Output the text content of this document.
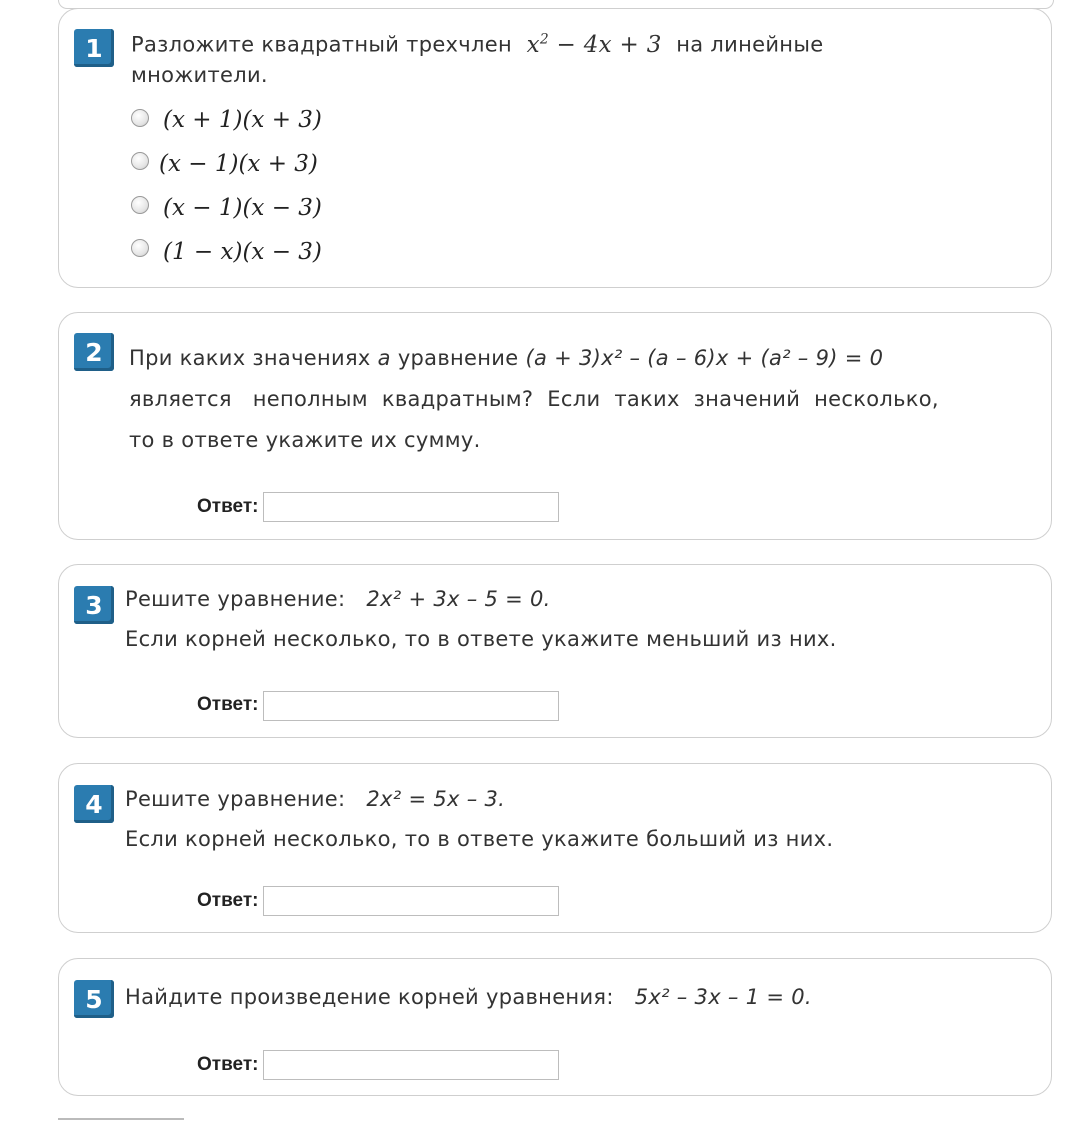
1	Разложите квадратный трехчлен  $x^2 - 4x + 3$  на линейные
множители.
(x + 1)(x + 3)
(x − 1)(x + 3)
(x − 1)(x − 3)
(1 − x)(x − 3)
2	При каких значениях a уравнение (a + 3)x² – (a – 6)x + (a² – 9) = 0
является   неполным  квадратным?  Если  таких  значений  несколько,
то в ответе укажите их сумму.
Ответ:
3	Решите уравнение: 2x² + 3x – 5 = 0.
Если корней несколько, то в ответе укажите меньший из них.
Ответ:
4	Решите уравнение: 2x² = 5x – 3.
Если корней несколько, то в ответе укажите больший из них.
Ответ:
5	Найдите произведение корней уравнения: 5x² – 3x – 1 = 0.
Ответ:
